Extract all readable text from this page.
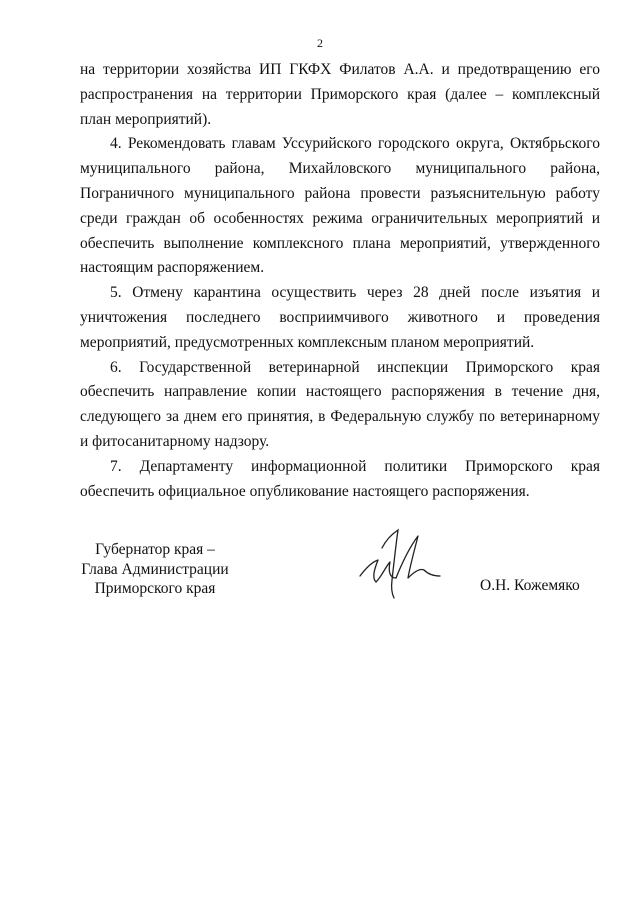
2

на территории хозяйства ИП ГКФХ Филатов А.А. и предотвращению его распространения на территории Приморского края (далее – комплексный план мероприятий).

4. Рекомендовать главам Уссурийского городского округа, Октябрьского муниципального района, Михайловского муниципального района, Пограничного муниципального района провести разъяснительную работу среди граждан об особенностях режима ограничительных мероприятий и обеспечить выполнение комплексного плана мероприятий, утвержденного настоящим распоряжением.

5. Отмену карантина осуществить через 28 дней после изъятия и уничтожения последнего восприимчивого животного и проведения мероприятий, предусмотренных комплексным планом мероприятий.

6. Государственной ветеринарной инспекции Приморского края обеспечить направление копии настоящего распоряжения в течение дня, следующего за днем его принятия, в Федеральную службу по ветеринарному и фитосанитарному надзору.

7. Департаменту информационной политики Приморского края обеспечить официальное опубликование настоящего распоряжения.

Губернатор края –
Глава Администрации
Приморского края	О.Н. Кожемяко
